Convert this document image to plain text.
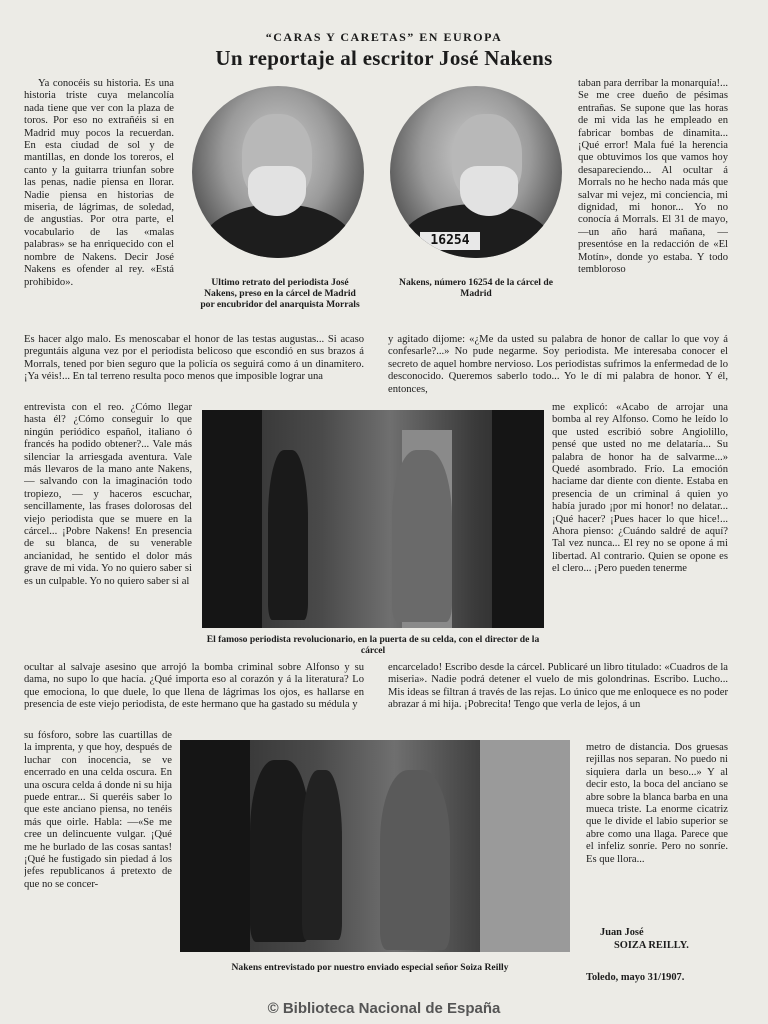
“CARAS Y CARETAS” EN EUROPA
Un reportaje al escritor José Nakens

Ya conocéis su historia. Es una historia triste cuya melancolía nada tiene que ver con la plaza de toros. Por eso no extrañéis si en Madrid muy pocos la recuerdan. En esta ciudad de sol y de mantillas, en donde los toreros, el canto y la guitarra triunfan sobre las penas, nadie piensa en llorar. Nadie piensa en historias de miseria, de lágrimas, de soledad, de angustias. Por otra parte, el vocabulario de las «malas palabras» se ha enriquecido con el nombre de Nakens. Decir José Nakens es ofender al rey. «Está prohibido».

16254
Ultimo retrato del periodista José Nakens, preso en la cárcel de Madrid por encubridor del anarquista Morrals
Nakens, número 16254 de la cárcel de Madrid

taban para derribar la monarquía!... Se me cree dueño de pésimas entrañas. Se supone que las horas de mi vida las he empleado en fabricar bombas de dinamita... ¡Qué error! Mala fué la herencia que obtuvimos los que vamos hoy desapareciendo... Al ocultar á Morrals no he hecho nada más que salvar mi vejez, mi conciencia, mi dignidad, mi honor... Yo no conocía á Morrals. El 31 de mayo,—un año hará mañana, — presentóse en la redacción de «El Motín», donde yo estaba. Y todo tembloroso

Es hacer algo malo. Es menoscabar el honor de las testas augustas... Si acaso preguntáis alguna vez por el periodista belicoso que escondió en sus brazos á Morrals, tened por bien seguro que la policía os seguirá como á un dinamitero. ¡Ya véis!... En tal terreno resulta poco menos que imposible lograr una

y agitado dijome: «¿Me da usted su palabra de honor de callar lo que voy á confesarle?...» No pude negarme. Soy periodista. Me interesaba conocer el secreto de aquel hombre nervioso. Los periodistas sufrimos la enfermedad de lo desconocido. Queremos saberlo todo... Yo le dí mi palabra de honor. Y él, entonces,

entrevista con el reo. ¿Cómo llegar hasta él? ¿Cómo conseguir lo que ningún periódico español, italiano ó francés ha podido obtener?... Vale más silenciar la arriesgada aventura. Vale más llevaros de la mano ante Nakens, — salvando con la imaginación todo tropiezo, — y haceros escuchar, sencillamente, las frases dolorosas del viejo periodista que se muere en la cárcel... ¡Pobre Nakens! En presencia de su blanca, de su venerable ancianidad, he sentido el dolor más grave de mi vida. Yo no quiero saber si es un culpable. Yo no quiero saber si al

El famoso periodista revolucionario, en la puerta de su celda, con el director de la cárcel

me explicó: «Acabo de arrojar una bomba al rey Alfonso. Como he leído lo que usted escribió sobre Angiolillo, pensé que usted no me delataría... Su palabra de honor ha de salvarme...» Quedé asombrado. Frío. La emoción haciame dar diente con diente. Estaba en presencia de un criminal á quien yo había jurado ¡por mi honor! no delatar... ¡Qué hacer? ¡Pues hacer lo que hice!... Ahora pienso: ¿Cuándo saldré de aquí? Tal vez nunca... El rey no se opone á mi libertad. Al contrario. Quien se opone es el clero... ¡Pero pueden tenerme

ocultar al salvaje asesino que arrojó la bomba criminal sobre Alfonso y su dama, no supo lo que hacía. ¿Qué importa eso al corazón y á la literatura? Lo que emociona, lo que duele, lo que llena de lágrimas los ojos, es hallarse en presencia de este viejo periodista, de este hermano que ha gastado su médula y

encarcelado! Escribo desde la cárcel. Publicaré un libro titulado: «Cuadros de la miseria». Nadie podrá detener el vuelo de mis golondrinas. Escribo. Lucho... Mis ideas se filtran á través de las rejas. Lo único que me enloquece es no poder abrazar á mi hija. ¡Pobrecita! Tengo que verla de lejos, á un

su fósforo, sobre las cuartillas de la imprenta, y que hoy, después de luchar con inocencia, se ve encerrado en una celda oscura. En una oscura celda á donde ni su hija puede entrar... Si queréis saber lo que este anciano piensa, no tenéis más que oirle. Habla: —«Se me cree un delincuente vulgar. ¡Qué me he burlado de las cosas santas! ¡Qué he fustigado sin piedad á los jefes republicanos á pretexto de que no se concer-

Nakens entrevistado por nuestro enviado especial señor Soiza Reilly

metro de distancia. Dos gruesas rejillas nos separan. No puedo ni siquiera darla un beso...» Y al decir esto, la boca del anciano se abre sobre la blanca barba en una mueca triste. La enorme cicatriz que le divide el labio superior se abre como una llaga. Parece que el infeliz sonríe. Pero no sonríe. Es que llora...

Juan José
SOIZA REILLY.
Toledo, mayo 31/1907.
© Biblioteca Nacional de España
